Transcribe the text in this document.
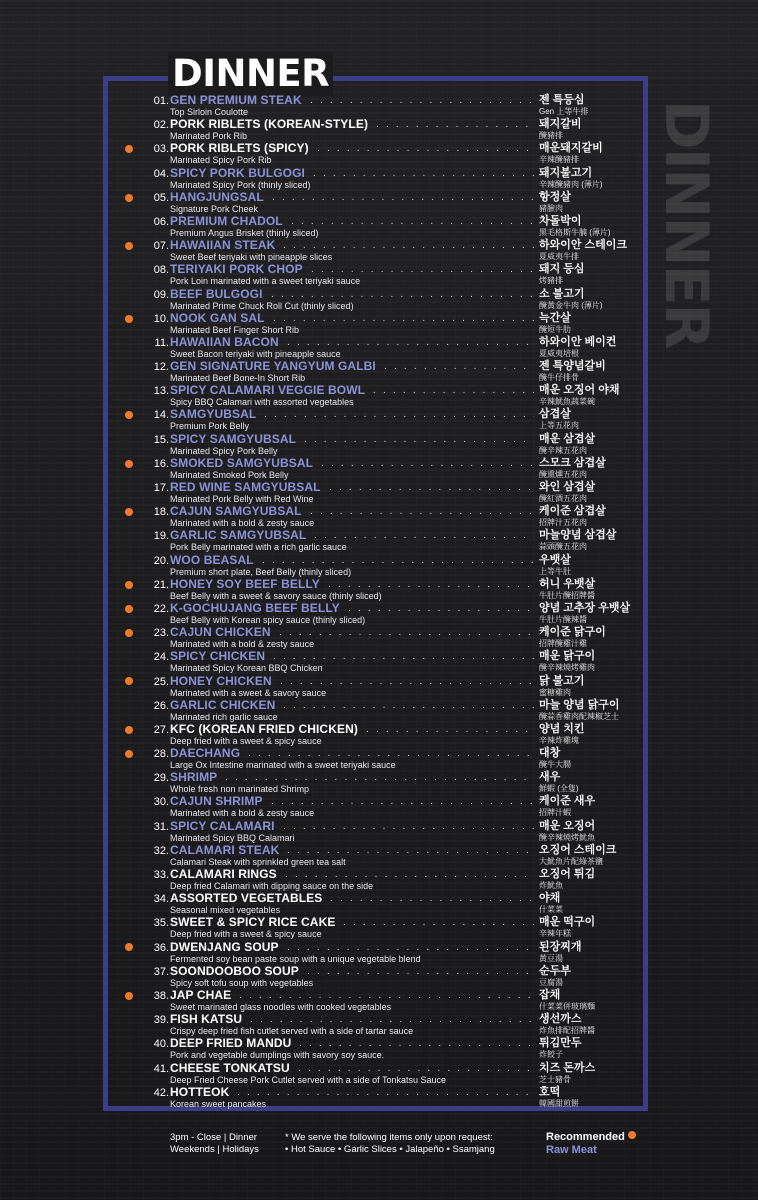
DINNER
DINNER
. . .
01. GEN PREMIUM STEAK
Top Sirloin Coulotte
젠 특등심
Gen 上等牛排
. . .
02. PORK RIBLETS (KOREAN-STYLE)
Marinated Pork Rib
돼지갈비
醃豬排
. . .
03. PORK RIBLETS (SPICY)
Marinated Spicy Pork Rib
매운돼지갈비
辛辣醃豬排
. . .
04. SPICY PORK BULGOGI
Marinated Spicy Pork (thinly sliced)
돼지불고기
辛辣醃豬肉 (薄片)
. . .
05. HANGJUNGSAL
Signature Pork Cheek
항정살
豬臉肉
. . .
06. PREMIUM CHADOL
Premium Angus Brisket (thinly sliced)
차돌박이
黑毛格斯牛腩 (薄片)
. . .
07. HAWAIIAN STEAK
Sweet Beef teriyaki with pineapple slices
하와이안 스테이크
夏威夷牛排
. . .
08. TERIYAKI PORK CHOP
Pork Loin marinated with a sweet teriyaki sauce
돼지 등심
烤豬排
. . .
09. BEEF BULGOGI
Marinated Prime Chuck Roll Cut (thinly sliced)
소 불고기
醃黃金牛肉 (薄片)
. . .
10. NOOK GAN SAL
Marinated Beef Finger Short Rib
늑간살
醃短牛肋
. . .
11. HAWAIIAN BACON
Sweet Bacon teriyaki with pineapple sauce
하와이안 베이컨
夏威夷培根
. . .
12. GEN SIGNATURE YANGYUM GALBI
Marinated Beef Bone-In Short Rib
젠 특양념갈비
醃牛仔排骨
. . .
13. SPICY CALAMARI VEGGIE BOWL
Spicy BBQ Calamari with assorted vegetables
매운 오징어 야채
辛辣魷魚蔬菜碗
. . .
14. SAMGYUBSAL
Premium Pork Belly
삼겹살
上等五花肉
. . .
15. SPICY SAMGYUBSAL
Marinated Spicy Pork Belly
매운 삼겹살
醃辛辣五花肉
. . .
16. SMOKED SAMGYUBSAL
Marinated Smoked Pork Belly
스모크 삼겹살
醃熏燻五花肉
. . .
17. RED WINE SAMGYUBSAL
Marinated Pork Belly with Red Wine
와인 삼겹살
醃紅酒五花肉
. . .
18. CAJUN SAMGYUBSAL
Marinated with a bold & zesty sauce
케이준 삼겹살
招牌汁五花肉
. . .
19. GARLIC SAMGYUBSAL
Pork Belly marinated with a rich garlic sauce
마늘양념 삼겹살
蒜頭醃五花肉
. . .
20. WOO BEASAL
Premium short plate, Beef Belly (thinly sliced)
우뱃살
上等牛肚
. . .
21. HONEY SOY BEEF BELLY
Beef Belly with a sweet & savory sauce (thinly sliced)
허니 우뱃살
牛肚片醃招牌醬
. . .
22. K-GOCHUJANG BEEF BELLY
Beef Belly with Korean spicy sauce (thinly sliced)
양념 고추장 우뱃살
牛肚片醃辣醬
. . .
23. CAJUN CHICKEN
Marinated with a bold & zesty sauce
케이준 닭구이
招牌醃雞汁雞
. . .
24. SPICY CHICKEN
Marinated Spicy Korean BBQ Chicken
매운 닭구이
醃辛辣燒烤雞肉
. . .
25. HONEY CHICKEN
Marinated with a sweet & savory sauce
닭 불고기
蜜糖雞肉
. . .
26. GARLIC CHICKEN
Marinated rich garlic sauce
마늘 양념 닭구이
醃蒜香雞肉配辣椒芝士
. . .
27. KFC (KOREAN FRIED CHICKEN)
Deep fried with a sweet & spicy sauce
양념 치킨
辛辣炸雞塊
. . .
28. DAECHANG
Large Ox Intestine marinated with a sweet teriyaki sauce
대창
醃牛大腸
. . .
29. SHRIMP
Whole fresh non marinated Shrimp
새우
鮮蝦 (全隻)
. . .
30. CAJUN SHRIMP
Marinated with a bold & zesty sauce
케이준 새우
招牌汁蝦
. . .
31. SPICY CALAMARI
Marinated Spicy BBQ Calamari
매운 오징어
醃辛辣燒烤魷魚
. . .
32. CALAMARI STEAK
Calamari Steak with sprinkled green tea salt
오징어 스테이크
大魷魚片配綠茶鹽
. . .
33. CALAMARI RINGS
Deep fried Calamari with dipping sauce on the side
오징어 튀김
炸魷魚
. . .
34. ASSORTED VEGETABLES
Seasonal mixed vegetables
야채
什菜菜
. . .
35. SWEET & SPICY RICE CAKE
Deep fried with a sweet & spicy sauce
매운 떡구이
辛辣年糕
. . .
36. DWENJANG SOUP
Fermented soy bean paste soup with a unique vegetable blend
된장찌개
黃豆湯
. . .
37. SOONDOOBOO SOUP
Spicy soft tofu soup with vegetables
순두부
豆腐湯
. . .
38. JAP CHAE
Sweet marinated glass noodles with cooked vegetables
잡채
什菜菜併玻璃麵
. . .
39. FISH KATSU
Crispy deep fried fish cutlet served with a side of tartar sauce
생선까스
炸魚排配招牌醬
. . .
40. DEEP FRIED MANDU
Pork and vegetable dumplings with savory soy sauce.
튀김만두
炸餃子
. . .
41. CHEESE TONKATSU
Deep Fried Cheese Pork Cutlet served with a side of Tonkatsu Sauce
치즈 돈까스
芝士豬骨
. . .
42. HOTTEOK
Korean sweet pancakes
호떡
韓國甜煎餅
3pm - Close | Dinner
Weekends | Holidays
* We serve the following items only upon request:
• Hot Sauce • Garlic Slices • Jalapeño • Ssamjang
Recommended
Raw Meat
